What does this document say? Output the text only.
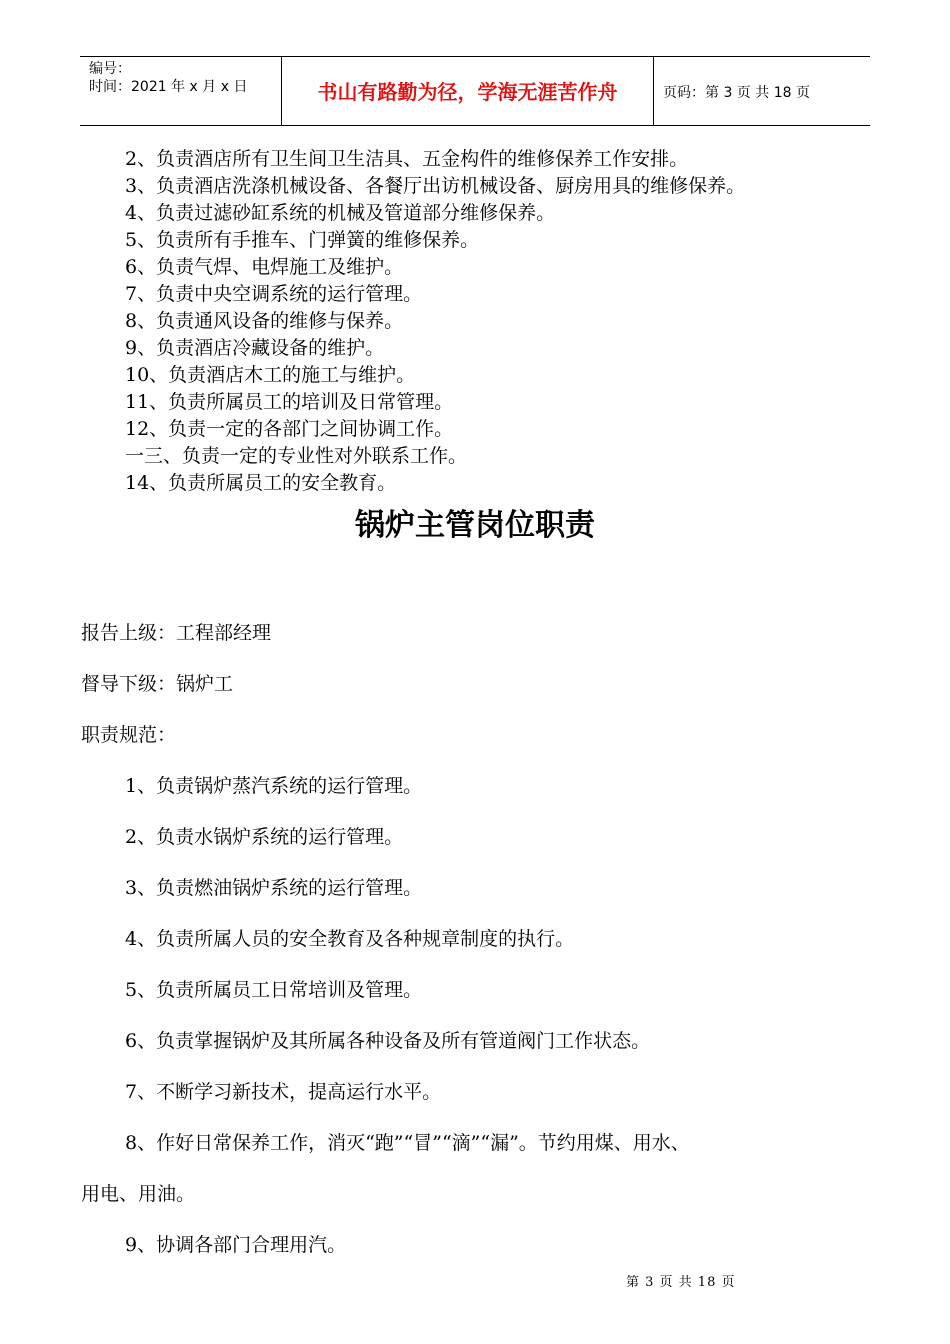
编号：
时间：2021 年 x 月 x 日	书山有路勤为径，学海无涯苦作舟	页码：第 3 页 共 18 页
2、负责酒店所有卫生间卫生洁具、五金构件的维修保养工作安排。
3、负责酒店洗涤机械设备、各餐厅出访机械设备、厨房用具的维修保养。
4、负责过滤砂缸系统的机械及管道部分维修保养。
5、负责所有手推车、门弹簧的维修保养。
6、负责气焊、电焊施工及维护。
7、负责中央空调系统的运行管理。
8、负责通风设备的维修与保养。
9、负责酒店冷藏设备的维护。
10、负责酒店木工的施工与维护。
11、负责所属员工的培训及日常管理。
12、负责一定的各部门之间协调工作。
一三、负责一定的专业性对外联系工作。
14、负责所属员工的安全教育。
锅炉主管岗位职责
报告上级：工程部经理
督导下级：锅炉工
职责规范：
1、负责锅炉蒸汽系统的运行管理。
2、负责水锅炉系统的运行管理。
3、负责燃油锅炉系统的运行管理。
4、负责所属人员的安全教育及各种规章制度的执行。
5、负责所属员工日常培训及管理。
6、负责掌握锅炉及其所属各种设备及所有管道阀门工作状态。
7、不断学习新技术，提高运行水平。
8、作好日常保养工作，消灭“跑”“冒”“滴”“漏”。节约用煤、用水、
用电、用油。
9、协调各部门合理用汽。
第 3 页 共 18 页
